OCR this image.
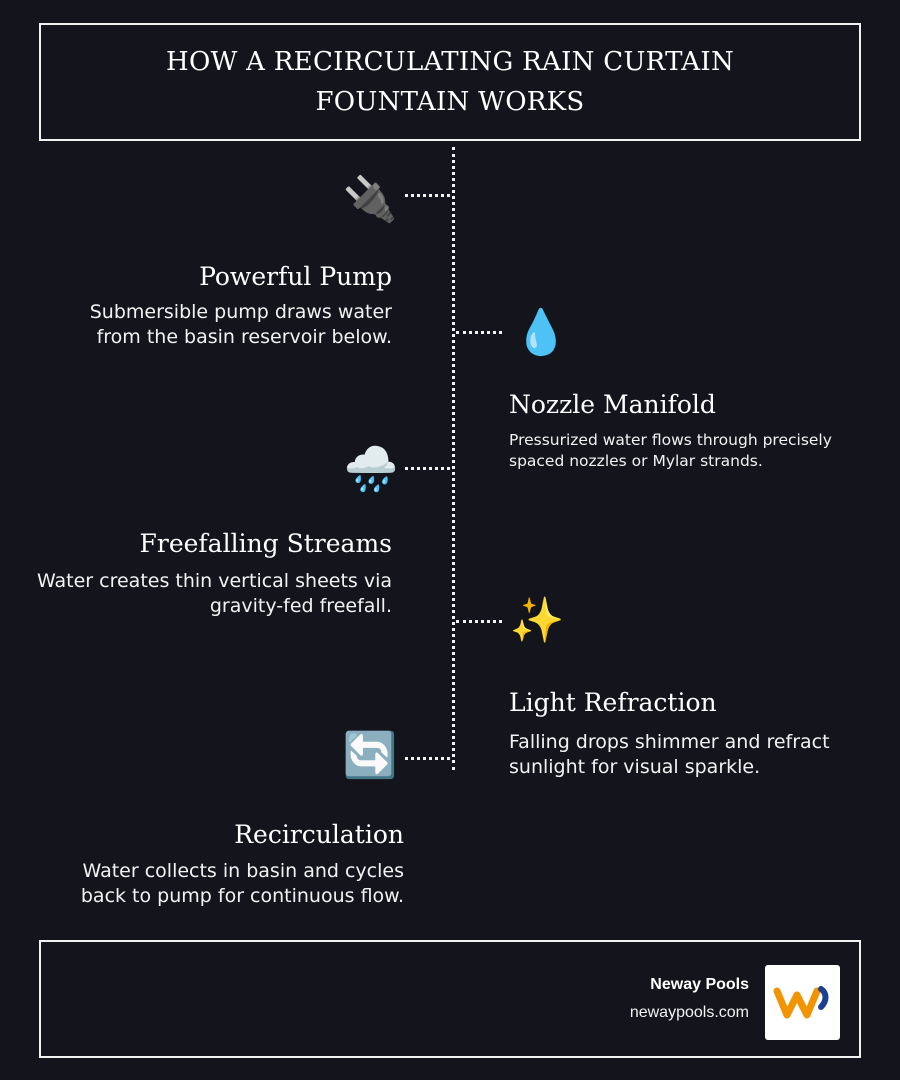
HOW A RECIRCULATING RAIN CURTAIN FOUNTAIN WORKS
🔌
Powerful Pump

Submersible pump draws water from the basin reservoir below.	💧
Nozzle Manifold

Pressurized water flows through precisely spaced nozzles or Mylar strands.

🌧️
Freefalling Streams

Water creates thin vertical sheets via gravity-fed freefall.	✨
Light Refraction

Falling drops shimmer and refract sunlight for visual sparkle.

🔄
Recirculation

Water collects in basin and cycles back to pump for continuous flow.

Neway Pools
newaypools.com
